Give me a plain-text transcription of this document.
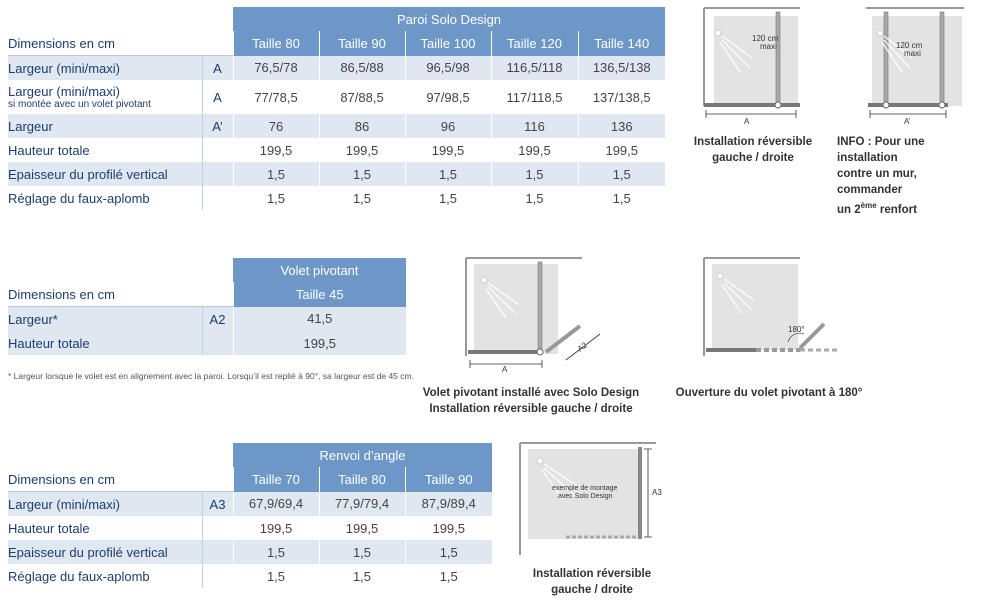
		Paroi Solo Design				
Dimensions en cm		Taille 80	Taille 90	Taille 100	Taille 120	Taille 140
Largeur (mini/maxi)	A	76,5/78	86,5/88	96,5/98	116,5/118	136,5/138
Largeur (mini/maxi)
si montée avec un volet pivotant	A	77/78,5	87/88,5	97/98,5	117/118,5	137/138,5
Largeur	A’	76	86	96	116	136
Hauteur totale		199,5	199,5	199,5	199,5	199,5
Epaisseur du profilé vertical		1,5	1,5	1,5	1,5	1,5
Réglage du faux-aplomb		1,5	1,5	1,5	1,5	1,5
		Volet pivotant
Dimensions en cm		Taille 45
Largeur*	A2	41,5
Hauteur totale		199,5
* Largeur lorsque le volet est en alignement avec la paroi. Lorsqu’il est replié à 90°, sa largeur est de 45 cm.
		Renvoi d’angle		
Dimensions en cm		Taille 70	Taille 80	Taille 90
Largeur (mini/maxi)	A3	67,9/69,4	77,9/79,4	87,9/89,4
Hauteur totale		199,5	199,5	199,5
Epaisseur du profilé vertical		1,5	1,5	1,5
Réglage du faux-aplomb		1,5	1,5	1,5
120 cm
maxi
A
Installation réversible
gauche / droite
120 cm
maxi
A’
INFO : Pour une installation
contre un mur, commander
un 2ème renfort
A
A2
Volet pivotant installé avec Solo Design
Installation réversible gauche / droite
180°
Ouverture du volet pivotant à 180°
exemple de montage
avec Solo Design	A3
Installation réversible
gauche / droite
